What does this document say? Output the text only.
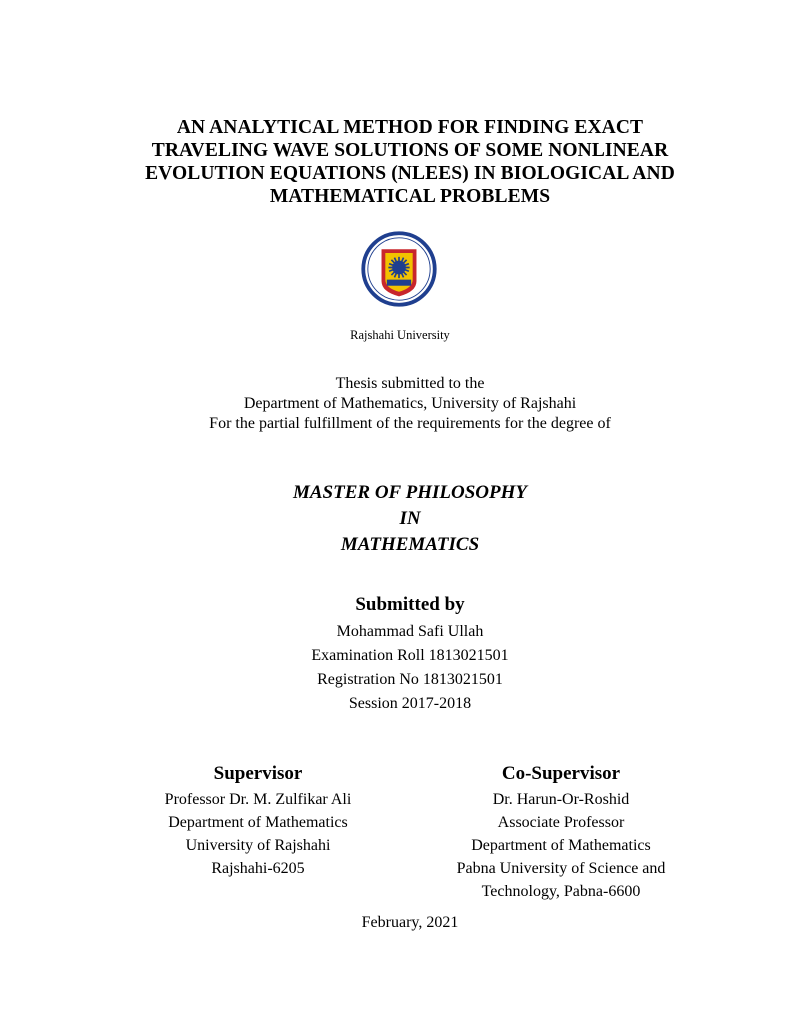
AN ANALYTICAL METHOD FOR FINDING EXACT
TRAVELING WAVE SOLUTIONS OF SOME NONLINEAR
EVOLUTION EQUATIONS (NLEES) IN BIOLOGICAL AND
MATHEMATICAL PROBLEMS
Rajshahi University
Thesis submitted to the
Department of Mathematics, University of Rajshahi
For the partial fulfillment of the requirements for the degree of
MASTER OF PHILOSOPHY
IN
MATHEMATICS
Submitted by
Mohammad Safi Ullah
Examination Roll 1813021501
Registration No 1813021501
Session 2017-2018
Supervisor
Professor Dr. M. Zulfikar Ali
Department of Mathematics
University of Rajshahi
Rajshahi-6205
Co-Supervisor
Dr. Harun-Or-Roshid
Associate Professor
Department of Mathematics
Pabna University of Science and
Technology, Pabna-6600
February, 2021
